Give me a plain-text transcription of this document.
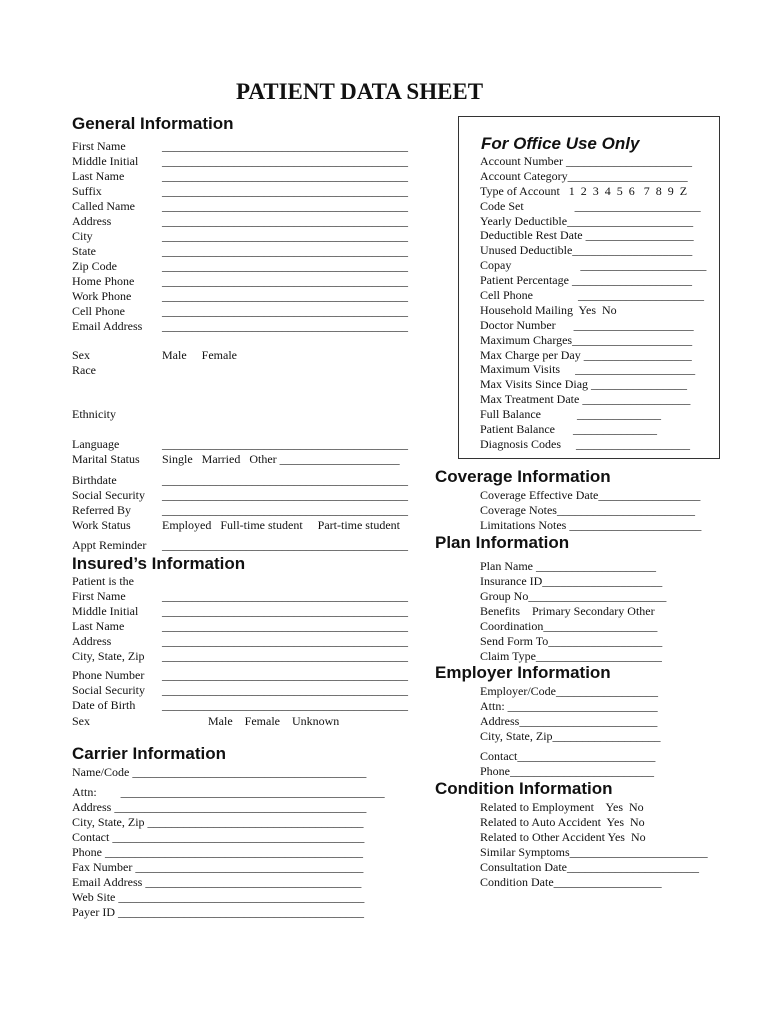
PATIENT DATA SHEET
General Information
First Name	_________________________________________
Middle Initial _________________________________________
Last Name	_________________________________________
Suffix	_________________________________________
Called Name _________________________________________
Address	_________________________________________
City	_________________________________________
State	_________________________________________
Zip Code	_________________________________________
Home Phone _________________________________________
Work Phone	_________________________________________
Cell Phone	_________________________________________
Email Address _________________________________________
Sex	Male     Female
Race
Ethnicity
Language	_________________________________________
Marital Status Single   Married   Other ____________________
Birthdate	_________________________________________
Social Security _________________________________________
Referred By	_________________________________________
Work Status	Employed   Full-time student     Part-time student
Appt Reminder _________________________________________
Insured’s Information
Patient is the
First Name	_________________________________________
Middle Initial _________________________________________
Last Name	_________________________________________
Address	_________________________________________
City, State, Zip _________________________________________
Phone Number _________________________________________
Social Security _________________________________________
Date of Birth _________________________________________
Sex	Male    Female    Unknown
Carrier Information
Name/Code _______________________________________
Attn:        ____________________________________________
Address __________________________________________
City, State, Zip ____________________________________
Contact __________________________________________
Phone ___________________________________________
Fax Number ______________________________________
Email Address ____________________________________
Web Site _________________________________________
Payer ID _________________________________________
For Office Use Only
Account Number _____________________
Account Category____________________
Type of Account   1  2  3  4  5  6   7  8  9  Z
Code Set                 _____________________
Yearly Deductible_____________________
Deductible Rest Date __________________
Unused Deductible____________________
Copay                       _____________________
Patient Percentage ____________________
Cell Phone               _____________________
Household Mailing  Yes  No
Doctor Number      ____________________
Maximum Charges____________________
Max Charge per Day __________________
Maximum Visits     ____________________
Max Visits Since Diag ________________
Max Treatment Date __________________
Full Balance            ______________
Patient Balance      ______________
Diagnosis Codes     ___________________
Coverage Information
Coverage Effective Date_________________
Coverage Notes_______________________
Limitations Notes ______________________
Plan Information
Plan Name ____________________
Insurance ID____________________
Group No_______________________
Benefits    Primary Secondary Other
Coordination___________________
Send Form To___________________
Claim Type_____________________
Employer Information
Employer/Code_________________
Attn: _________________________
Address_______________________
City, State, Zip__________________
Contact_______________________
Phone________________________
Condition Information
Related to Employment    Yes  No
Related to Auto Accident  Yes  No
Related to Other Accident Yes  No
Similar Symptoms_______________________
Consultation Date______________________
Condition Date__________________
